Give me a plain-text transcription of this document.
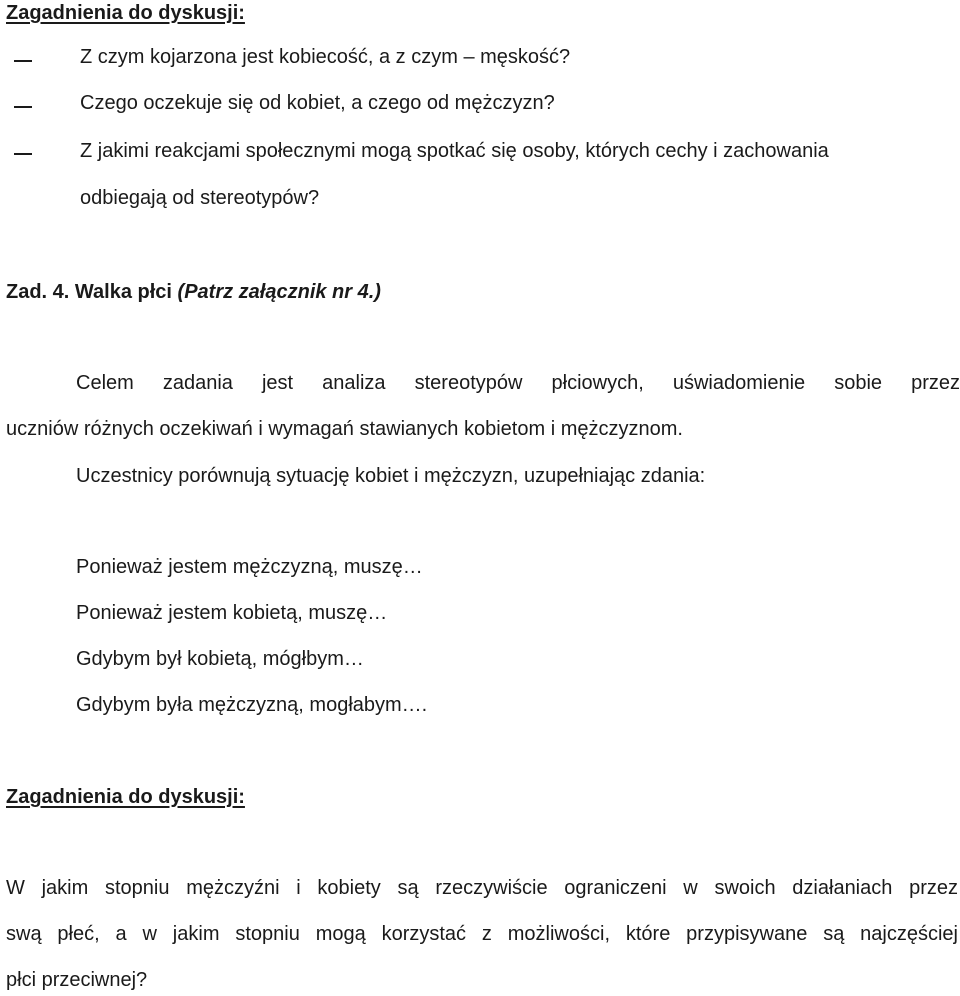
Zagadnienia do dyskusji:
Z czym kojarzona jest kobiecość, a z czym – męskość?
Czego oczekuje się od kobiet, a czego od mężczyzn?
Z jakimi reakcjami społecznymi mogą spotkać się osoby, których cechy i zachowania
odbiegają od stereotypów?
Zad. 4. Walka płci (Patrz załącznik nr 4.)
Celem zadania jest analiza stereotypów płciowych, uświadomienie sobie przez
uczniów różnych oczekiwań i wymagań stawianych kobietom i mężczyznom.
Uczestnicy porównują sytuację kobiet i mężczyzn, uzupełniając zdania:
Ponieważ jestem mężczyzną, muszę…
Ponieważ jestem kobietą, muszę…
Gdybym był kobietą, mógłbym…
Gdybym była mężczyzną, mogłabym….
Zagadnienia do dyskusji:
W jakim stopniu mężczyźni i kobiety są rzeczywiście ograniczeni w swoich działaniach przez
swą płeć, a w jakim stopniu mogą korzystać z możliwości, które przypisywane są najczęściej
płci przeciwnej?
